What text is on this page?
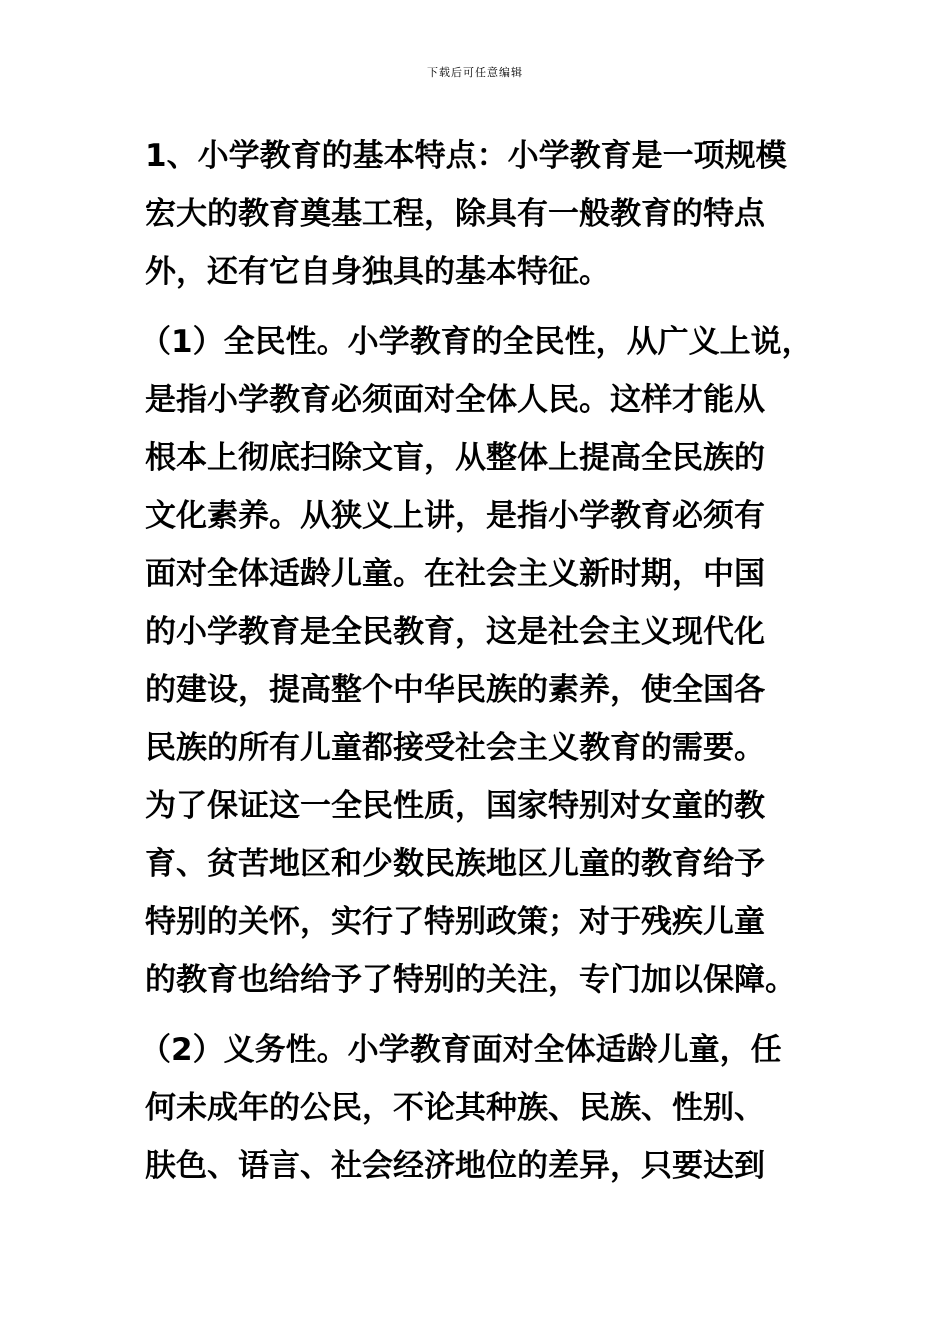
下载后可任意编辑
1、小学教育的基本特点：小学教育是一项规模
宏大的教育奠基工程，除具有一般教育的特点
外，还有它自身独具的基本特征。
（1）全民性。小学教育的全民性，从广义上说，
是指小学教育必须面对全体人民。这样才能从
根本上彻底扫除文盲，从整体上提高全民族的
文化素养。从狭义上讲，是指小学教育必须有
面对全体适龄儿童。在社会主义新时期，中国
的小学教育是全民教育，这是社会主义现代化
的建设，提高整个中华民族的素养，使全国各
民族的所有儿童都接受社会主义教育的需要。
为了保证这一全民性质，国家特别对女童的教
育、贫苦地区和少数民族地区儿童的教育给予
特别的关怀，实行了特别政策；对于残疾儿童
的教育也给给予了特别的关注，专门加以保障。
（2）义务性。小学教育面对全体适龄儿童，任
何未成年的公民，不论其种族、民族、性别、
肤色、语言、社会经济地位的差异，只要达到
